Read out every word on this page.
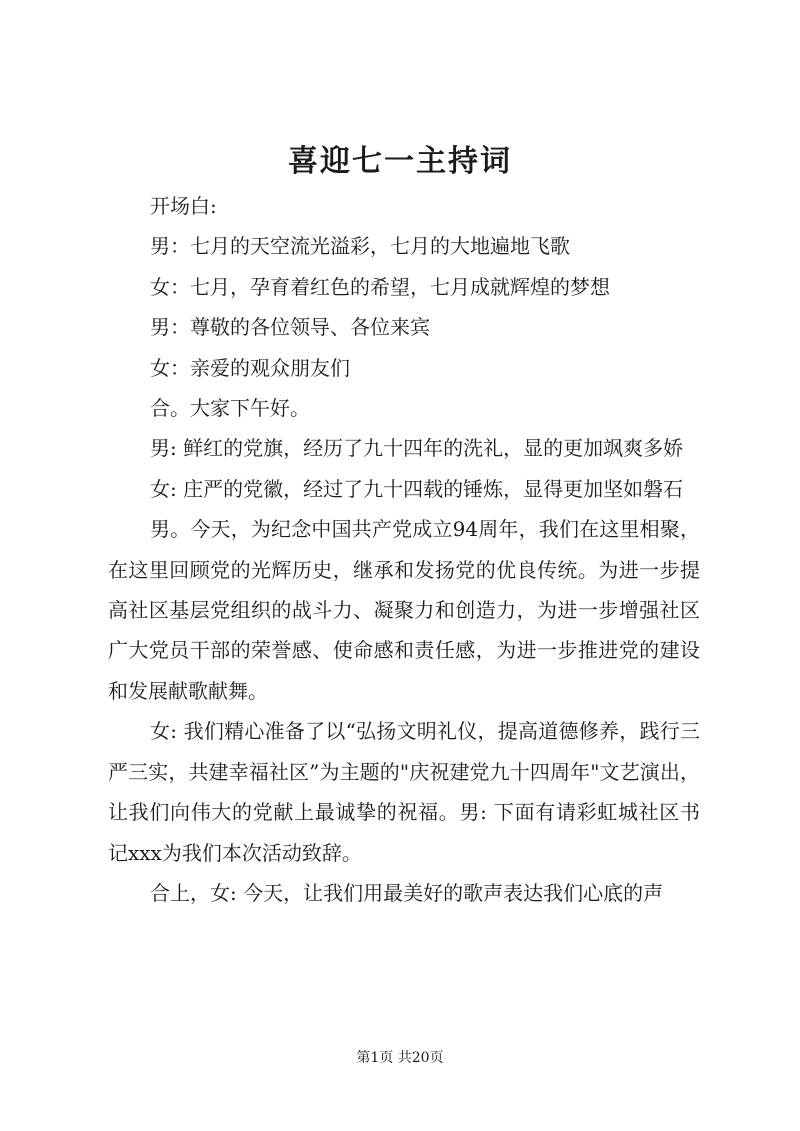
喜迎七一主持词

开场白:

男：七月的天空流光溢彩，七月的大地遍地飞歌

女：七月，孕育着红色的希望，七月成就辉煌的梦想

男：尊敬的各位领导、各位来宾

女：亲爱的观众朋友们

合。大家下午好。

男: 鲜红的党旗，经历了九十四年的洗礼，显的更加飒爽多娇

女: 庄严的党徽，经过了九十四载的锤炼，显得更加坚如磐石

男。今天，为纪念中国共产党成立94周年，我们在这里相聚，在这里回顾党的光辉历史，继承和发扬党的优良传统。为进一步提高社区基层党组织的战斗力、凝聚力和创造力，为进一步增强社区广大党员干部的荣誉感、使命感和责任感，为进一步推进党的建设和发展献歌献舞。

女: 我们精心准备了以“弘扬文明礼仪，提高道德修养，践行三严三实，共建幸福社区”为主题的"庆祝建党九十四周年"文艺演出，让我们向伟大的党献上最诚挚的祝福。男: 下面有请彩虹城社区书记xxx为我们本次活动致辞。

合上，女: 今天，让我们用最美好的歌声表达我们心底的声

第1页 共20页
